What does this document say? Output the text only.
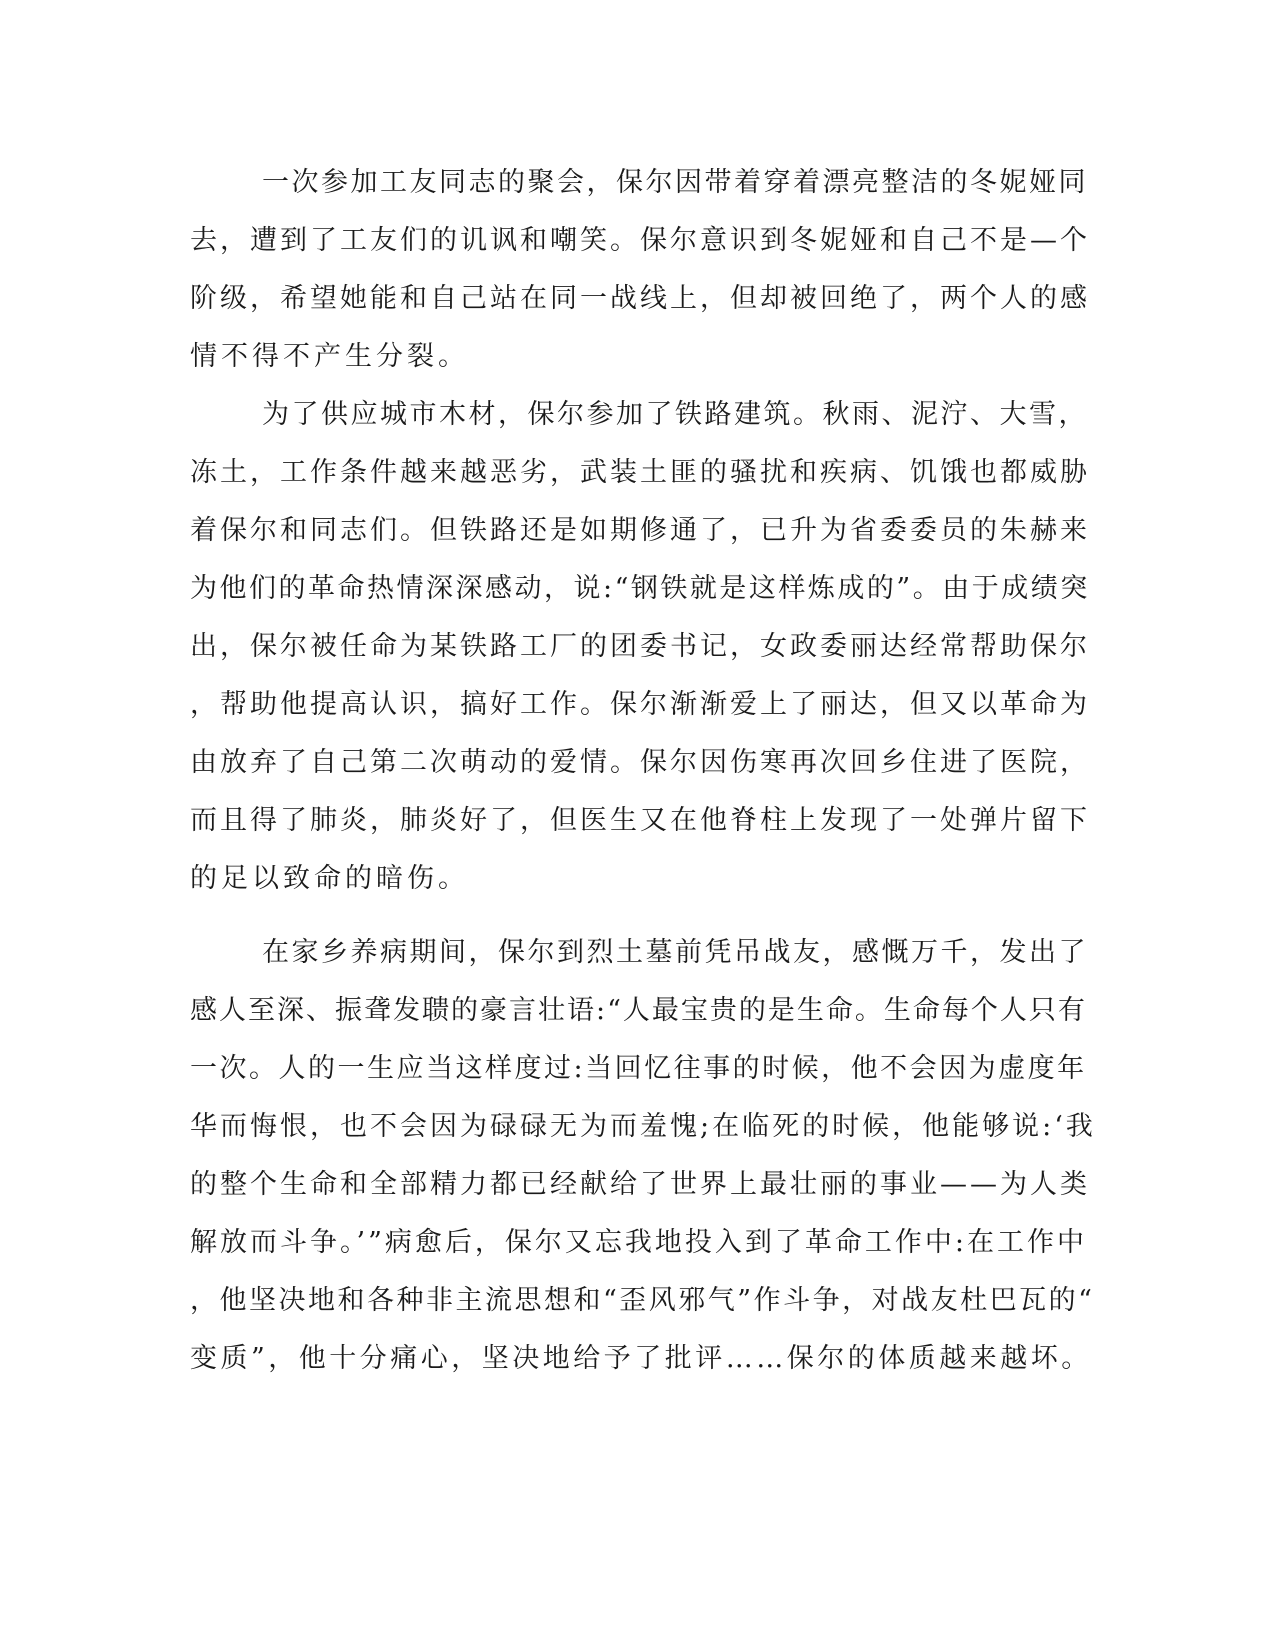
一次参加工友同志的聚会，保尔因带着穿着漂亮整洁的冬妮娅同
去，遭到了工友们的讥讽和嘲笑。保尔意识到冬妮娅和自己不是—个
阶级，希望她能和自己站在同一战线上，但却被回绝了，两个人的感
情不得不产生分裂。
为了供应城市木材，保尔参加了铁路建筑。秋雨、泥泞、大雪，
冻土，工作条件越来越恶劣，武装土匪的骚扰和疾病、饥饿也都威胁
着保尔和同志们。但铁路还是如期修通了，已升为省委委员的朱赫来
为他们的革命热情深深感动，说:“钢铁就是这样炼成的”。由于成绩突
出，保尔被任命为某铁路工厂的团委书记，女政委丽达经常帮助保尔
，帮助他提高认识，搞好工作。保尔渐渐爱上了丽达，但又以革命为
由放弃了自己第二次萌动的爱情。保尔因伤寒再次回乡住进了医院，
而且得了肺炎，肺炎好了，但医生又在他脊柱上发现了一处弹片留下
的足以致命的暗伤。
在家乡养病期间，保尔到烈土墓前凭吊战友，感慨万千，发出了
感人至深、振聋发聩的豪言壮语:“人最宝贵的是生命。生命每个人只有
一次。人的一生应当这样度过:当回忆往事的时候，他不会因为虚度年
华而悔恨，也不会因为碌碌无为而羞愧;在临死的时候，他能够说:‘我
的整个生命和全部精力都已经献给了世界上最壮丽的事业——为人类
解放而斗争。’”病愈后，保尔又忘我地投入到了革命工作中:在工作中
，他坚决地和各种非主流思想和“歪风邪气”作斗争，对战友杜巴瓦的“
变质”，他十分痛心，坚决地给予了批评……保尔的体质越来越坏。
